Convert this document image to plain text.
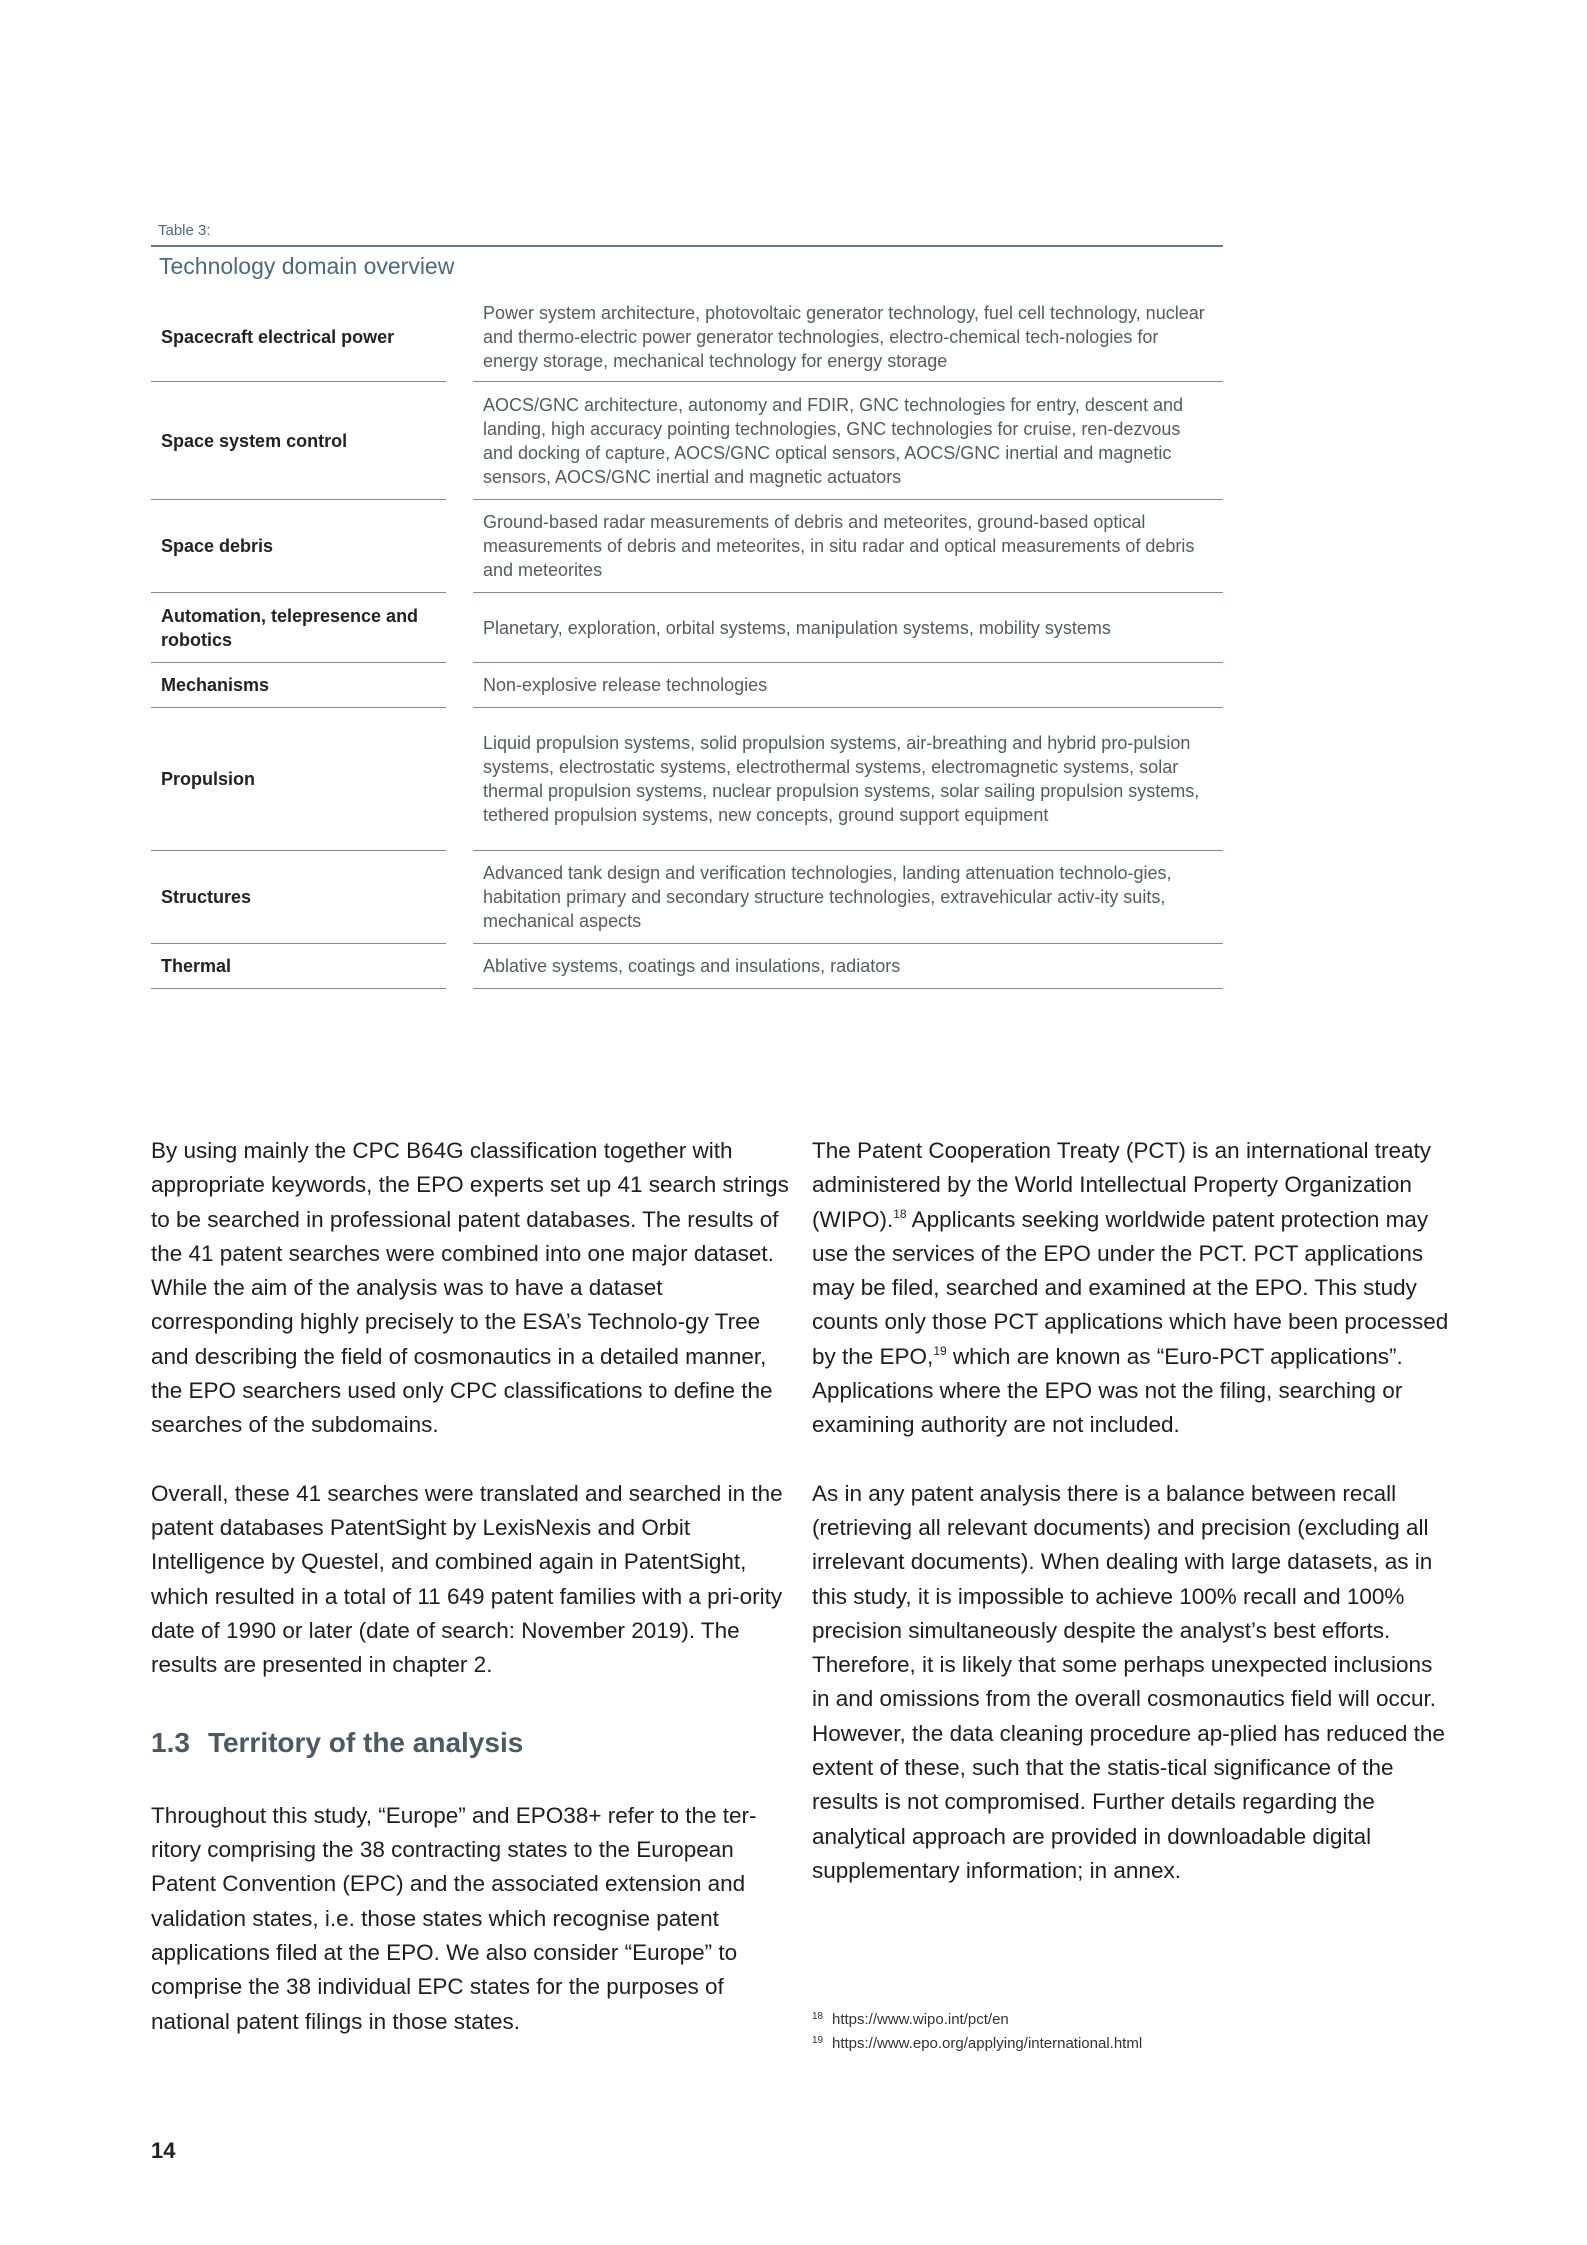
Table 3:
Technology domain overview
Spacecraft electrical power
Power system architecture, photovoltaic generator technology, fuel cell technology, nuclear and thermo-electric power generator technologies, electro-chemical tech-nologies for energy storage, mechanical technology for energy storage
Space system control
AOCS/GNC architecture, autonomy and FDIR, GNC technologies for entry, descent and landing, high accuracy pointing technologies, GNC technologies for cruise, ren-dezvous and docking of capture, AOCS/GNC optical sensors, AOCS/GNC inertial and magnetic sensors, AOCS/GNC inertial and magnetic actuators
Space debris
Ground-based radar measurements of debris and meteorites, ground-based optical measurements of debris and meteorites, in situ radar and optical measurements of debris and meteorites
Automation, telepresence and robotics
Planetary, exploration, orbital systems, manipulation systems, mobility systems
Mechanisms	Non-explosive release technologies
Propulsion
Liquid propulsion systems, solid propulsion systems, air-breathing and hybrid pro-pulsion systems, electrostatic systems, electrothermal systems, electromagnetic systems, solar thermal propulsion systems, nuclear propulsion systems, solar sailing propulsion systems, tethered propulsion systems, new concepts, ground support equipment
Structures
Advanced tank design and verification technologies, landing attenuation technolo-gies, habitation primary and secondary structure technologies, extravehicular activ-ity suits, mechanical aspects
Thermal	Ablative systems, coatings and insulations, radiators

By using mainly the CPC B64G classification together with appropriate keywords, the EPO experts set up 41 search strings to be searched in professional patent databases. The results of the 41 patent searches were combined into one major dataset. While the aim of the analysis was to have a dataset corresponding highly precisely to the ESA’s Technolo-gy Tree and describing the field of cosmonautics in a detailed manner, the EPO searchers used only CPC classifications to define the searches of the subdomains.

Overall, these 41 searches were translated and searched in the patent databases PatentSight by LexisNexis and Orbit Intelligence by Questel, and combined again in PatentSight, which resulted in a total of 11 649 patent families with a pri-ority date of 1990 or later (date of search: November 2019). The results are presented in chapter 2.

1.3 Territory of the analysis

Throughout this study, “Europe” and EPO38+ refer to the ter-ritory comprising the 38 contracting states to the European Patent Convention (EPC) and the associated extension and validation states, i.e. those states which recognise patent applications filed at the EPO. We also consider “Europe” to comprise the 38 individual EPC states for the purposes of national patent filings in those states.

The Patent Cooperation Treaty (PCT) is an international treaty administered by the World Intellectual Property Organization (WIPO).$^{18}$ Applicants seeking worldwide patent protection may use the services of the EPO under the PCT. PCT applications may be filed, searched and examined at the EPO. This study counts only those PCT applications which have been processed by the EPO,$^{19}$ which are known as “Euro-PCT applications”. Applications where the EPO was not the filing, searching or examining authority are not included.

As in any patent analysis there is a balance between recall (retrieving all relevant documents) and precision (excluding all irrelevant documents). When dealing with large datasets, as in this study, it is impossible to achieve 100% recall and 100% precision simultaneously despite the analyst’s best efforts. Therefore, it is likely that some perhaps unexpected inclusions in and omissions from the overall cosmonautics field will occur. However, the data cleaning procedure ap-plied has reduced the extent of these, such that the statis-tical significance of the results is not compromised. Further details regarding the analytical approach are provided in downloadable digital supplementary information; in annex.

18 https://www.wipo.int/pct/en
19 https://www.epo.org/applying/international.html
14
